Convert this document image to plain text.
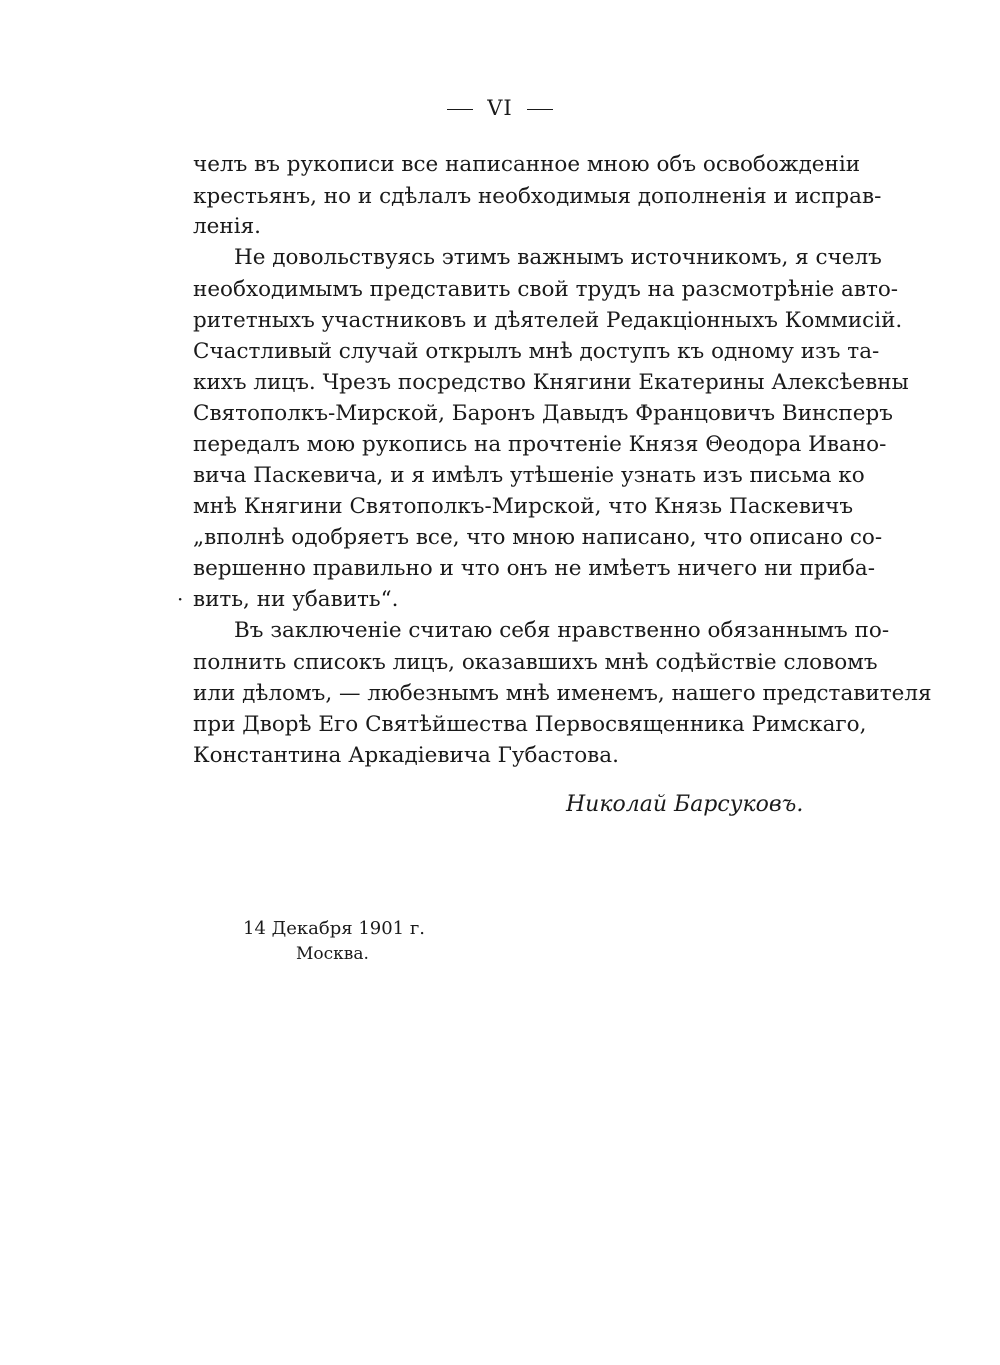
VI
челъ въ рукописи все написанное мною объ освобожденіи
крестьянъ, но и сдѣлалъ необходимыя дополненія и исправ-
ленія.
Не довольствуясь этимъ важнымъ источникомъ, я счелъ
необходимымъ представить свой трудъ на разсмотрѣніе авто-
ритетныхъ участниковъ и дѣятелей Редакціонныхъ Коммисій.
Счастливый случай открылъ мнѣ доступъ къ одному изъ та-
кихъ лицъ. Чрезъ посредство Княгини Екатерины Алексѣевны
Святополкъ-Мирской, Баронъ Давыдъ Францовичъ Винсперъ
передалъ мою рукопись на прочтеніе Князя Θеодора Ивано-
вича Паскевича, и я имѣлъ утѣшеніе узнать изъ письма ко
мнѣ Княгини Святополкъ-Мирской, что Князь Паскевичъ
„вполнѣ одобряетъ все, что мною написано, что описано со-
вершенно правильно и что онъ не имѣетъ ничего ни приба-
вить, ни убавить“.
·
Въ заключеніе считаю себя нравственно обязаннымъ по-
полнить списокъ лицъ, оказавшихъ мнѣ содѣйствіе словомъ
или дѣломъ, — любезнымъ мнѣ именемъ, нашего представителя
при Дворѣ Его Святѣйшества Первосвященника Римскаго,
Константина Аркадіевича Губастова.
Николай Барсуковъ.
14 Декабря 1901 г.
Москва.
